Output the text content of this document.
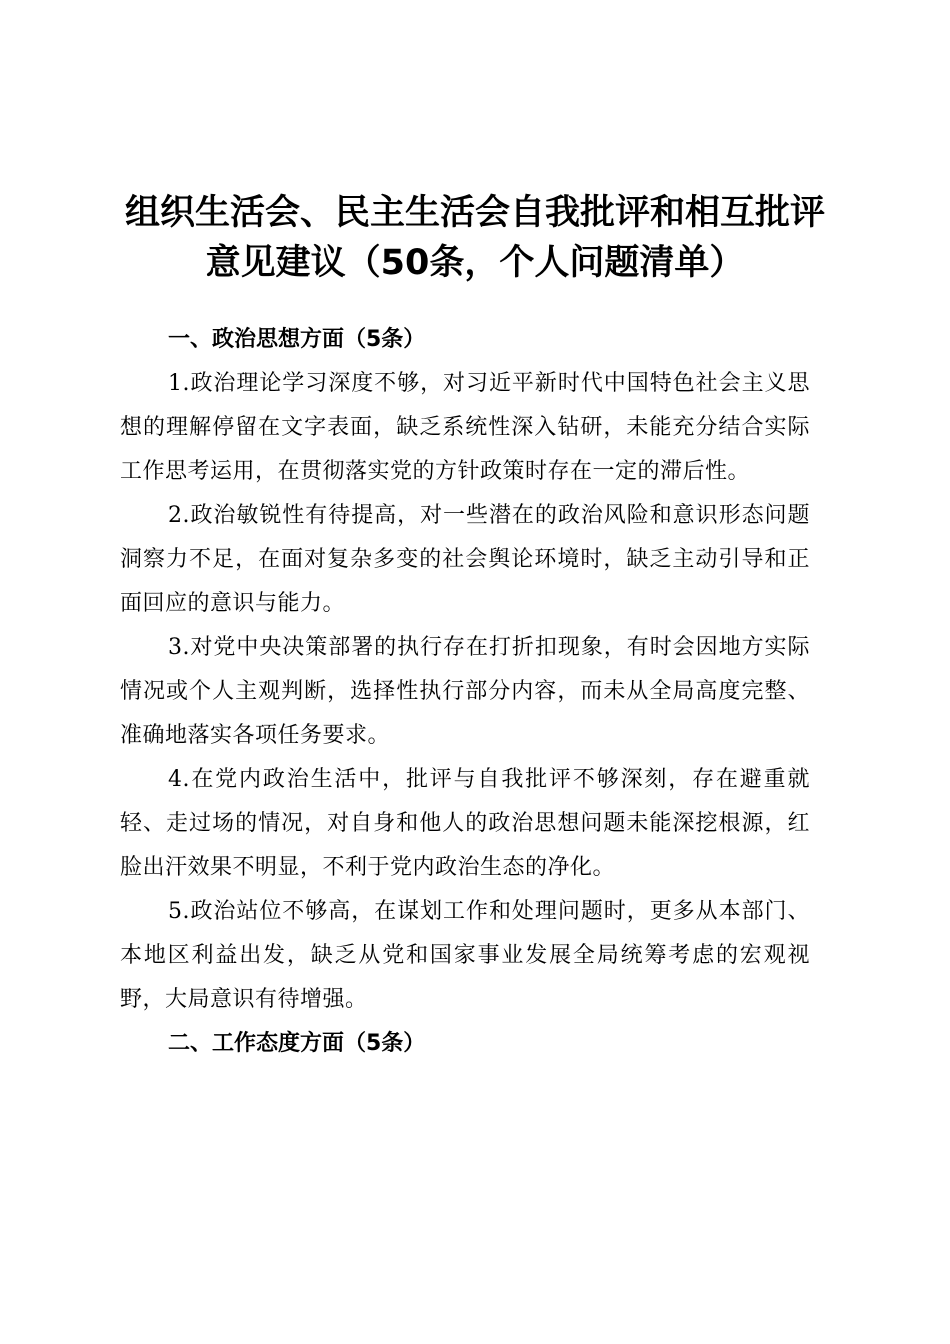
组织生活会、民主生活会自我批评和相互批评
意见建议（50条，个人问题清单）

一、政治思想方面（5条）

1.政治理论学习深度不够，对习近平新时代中国特色社会主义思想的理解停留在文字表面，缺乏系统性深入钻研，未能充分结合实际工作思考运用，在贯彻落实党的方针政策时存在一定的滞后性。

2.政治敏锐性有待提高，对一些潜在的政治风险和意识形态问题洞察力不足，在面对复杂多变的社会舆论环境时，缺乏主动引导和正面回应的意识与能力。

3.对党中央决策部署的执行存在打折扣现象，有时会因地方实际情况或个人主观判断，选择性执行部分内容，而未从全局高度完整、准确地落实各项任务要求。

4.在党内政治生活中，批评与自我批评不够深刻，存在避重就轻、走过场的情况，对自身和他人的政治思想问题未能深挖根源，红脸出汗效果不明显，不利于党内政治生态的净化。

5.政治站位不够高，在谋划工作和处理问题时，更多从本部门、本地区利益出发，缺乏从党和国家事业发展全局统筹考虑的宏观视野，大局意识有待增强。

二、工作态度方面（5条）
